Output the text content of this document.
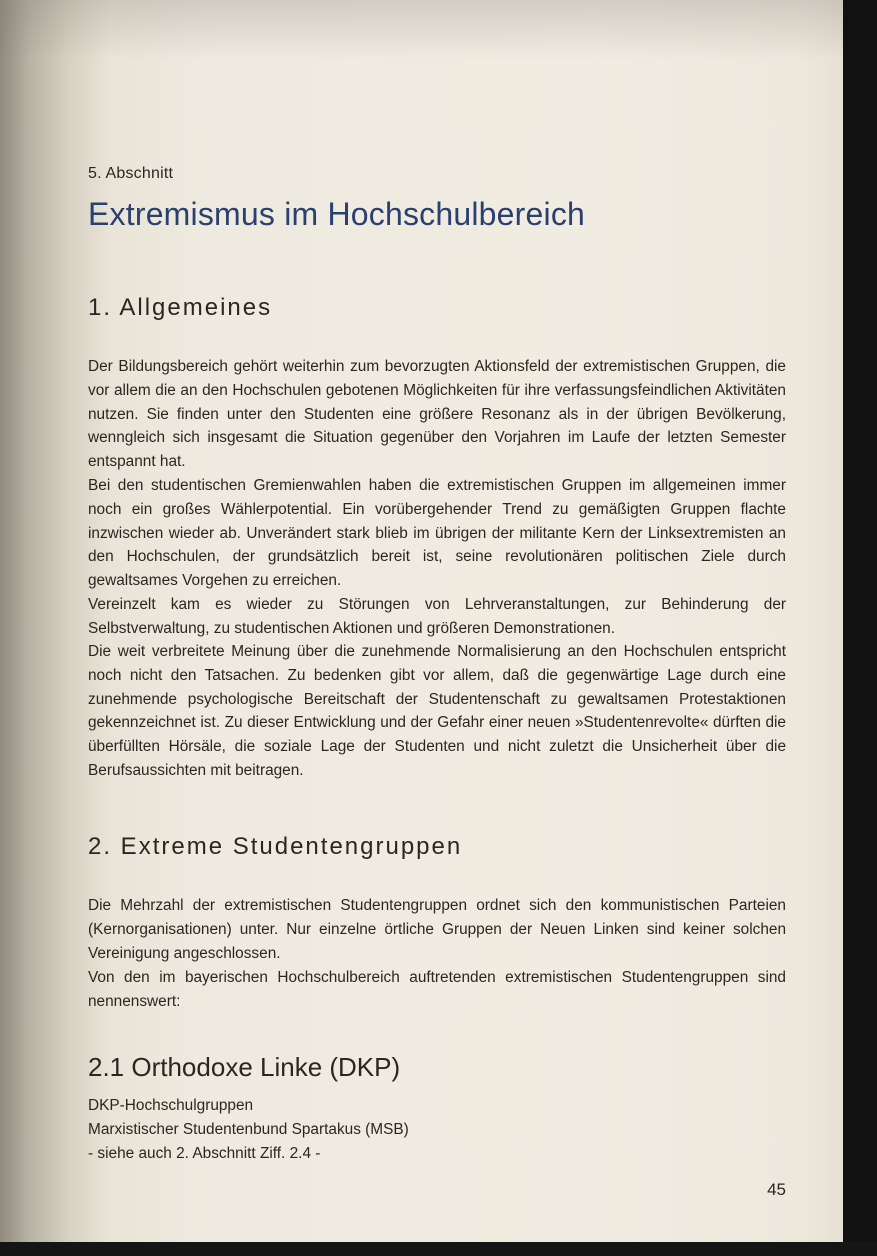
5. Abschnitt
Extremismus im Hochschulbereich
1. Allgemeines

Der Bildungsbereich gehört weiterhin zum bevorzugten Aktionsfeld der extremistischen Gruppen, die vor allem die an den Hochschulen gebotenen Möglichkeiten für ihre verfassungsfeindlichen Aktivitäten nutzen. Sie finden unter den Studenten eine größere Resonanz als in der übrigen Bevölkerung, wenngleich sich insgesamt die Situation gegenüber den Vorjahren im Laufe der letzten Semester entspannt hat.

Bei den studentischen Gremienwahlen haben die extremistischen Gruppen im allgemeinen immer noch ein großes Wählerpotential. Ein vorübergehender Trend zu gemäßigten Gruppen flachte inzwischen wieder ab. Unverändert stark blieb im übrigen der militante Kern der Linksextremisten an den Hochschulen, der grundsätzlich bereit ist, seine revolutionären politischen Ziele durch gewaltsames Vorgehen zu erreichen.

Vereinzelt kam es wieder zu Störungen von Lehrveranstaltungen, zur Behinderung der Selbstverwaltung, zu studentischen Aktionen und größeren Demonstrationen.

Die weit verbreitete Meinung über die zunehmende Normalisierung an den Hochschulen entspricht noch nicht den Tatsachen. Zu bedenken gibt vor allem, daß die gegenwärtige Lage durch eine zunehmende psychologische Bereitschaft der Studentenschaft zu gewaltsamen Protestaktionen gekennzeichnet ist. Zu dieser Entwicklung und der Gefahr einer neuen »Studentenrevolte« dürften die überfüllten Hörsäle, die soziale Lage der Studenten und nicht zuletzt die Unsicherheit über die Berufsaussichten mit beitragen.

2. Extreme Studentengruppen

Die Mehrzahl der extremistischen Studentengruppen ordnet sich den kommunistischen Parteien (Kernorganisationen) unter. Nur einzelne örtliche Gruppen der Neuen Linken sind keiner solchen Vereinigung angeschlossen.

Von den im bayerischen Hochschulbereich auftretenden extremistischen Studentengruppen sind nennenswert:

2.1 Orthodoxe Linke (DKP)
DKP-Hochschulgruppen
Marxistischer Studentenbund Spartakus (MSB)
- siehe auch 2. Abschnitt Ziff. 2.4 -
45
